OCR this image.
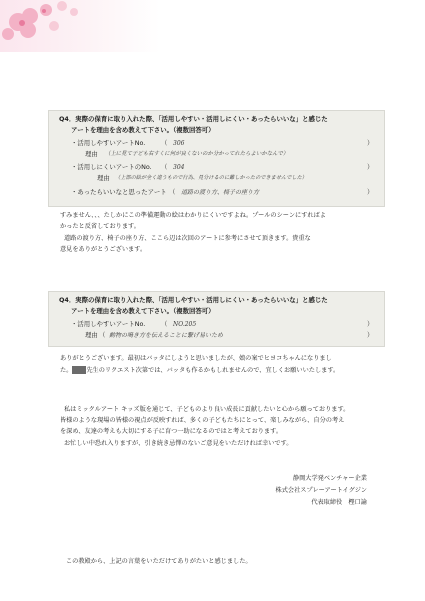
Q4．実際の保育に取り入れた際、「活用しやすい・活用しにくい・あったらいいな」と感じた
アートを理由を含め教えて下さい。（複数回答可）
・活用しやすいアートNo. （ 306	）
理由 （上に見て子ども右すくに何が良くないのか分かってれたらよいかなんで）
・活用しにくいアートのNo. （ 304	）
理由 （上部の絵が全く違うもので行為、見分けるのに難しかったのできませんでした）
・あったらいいなと思ったアート （ 道路の渡り方、椅子の座り方	）
すみません、、、たしかにこの準備運動の絵はわかりにくいですよね。プールのシーンにすればよ
かったと反省しております。
道路の渡り方、椅子の座り方、ここら辺は次回のアートに参考にさせて頂きます。貴重な
意見をありがとうございます。
Q4．実際の保育に取り入れた際、「活用しやすい・活用しにくい・あったらいいな」と感じた
アートを理由を含め教えて下さい。（複数回答可）
・活用しやすいアートNo. （ NO.205	）
理由 （ 動物の鳴き方を伝えることに繋げ易いため	）
ありがとうございます。最初はバッタにしようと思いましたが、娘の案でヒヨコちゃんになりまし
た。 先生のリクエスト次第では、バッタも作るかもしれませんので、宜しくお願いいたします。
私はミックルアート キッズ版を通じて、子どものより良い成長に貢献したいと心から願っております。
皆様のような現場の皆様の視点が反映すれば、多くの子どもたちにとって、楽しみながら、自分の考え
を深め、友達の考えも大切にする子に育つ一助になるのではと考えております。
お忙しい中恐れ入りますが、引き続き忌憚のないご意見をいただければ幸いです。
静岡大学発ベンチャー企業
株式会社スプレーアートイグジン
代表取締役　樫口諭
この教殿から、上記の言葉をいただけてありがたいと感じました。
